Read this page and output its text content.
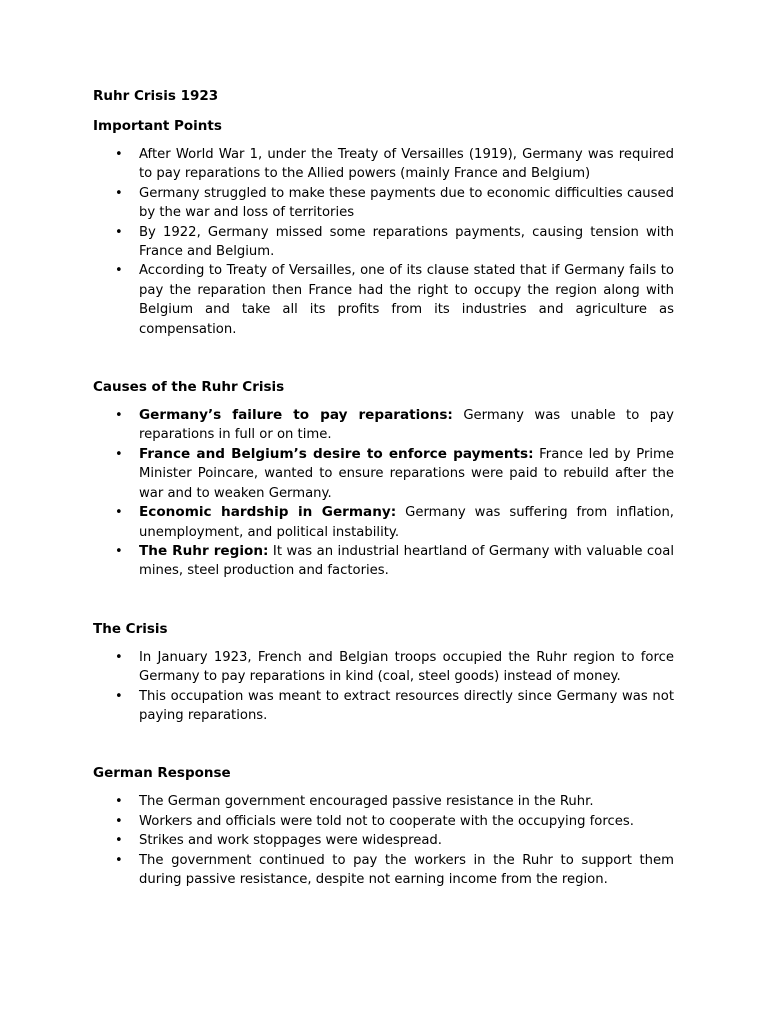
Ruhr Crisis 1923
Important Points
• After World War 1, under the Treaty of Versailles (1919), Germany was required to pay reparations to the Allied powers (mainly France and Belgium)
• Germany struggled to make these payments due to economic difficulties caused by the war and loss of territories
• By 1922, Germany missed some reparations payments, causing tension with France and Belgium.
• According to Treaty of Versailles, one of its clause stated that if Germany fails to pay the reparation then France had the right to occupy the region along with Belgium and take all its profits from its industries and agriculture as compensation.
Causes of the Ruhr Crisis
• Germany’s failure to pay reparations: Germany was unable to pay reparations in full or on time.
• France and Belgium’s desire to enforce payments: France led by Prime Minister Poincare, wanted to ensure reparations were paid to rebuild after the war and to weaken Germany.
• Economic hardship in Germany: Germany was suffering from inflation, unemployment, and political instability.
• The Ruhr region: It was an industrial heartland of Germany with valuable coal mines, steel production and factories.
The Crisis
• In January 1923, French and Belgian troops occupied the Ruhr region to force Germany to pay reparations in kind (coal, steel goods) instead of money.
• This occupation was meant to extract resources directly since Germany was not paying reparations.
German Response
• The German government encouraged passive resistance in the Ruhr.
• Workers and officials were told not to cooperate with the occupying forces.
• Strikes and work stoppages were widespread.
• The government continued to pay the workers in the Ruhr to support them during passive resistance, despite not earning income from the region.
